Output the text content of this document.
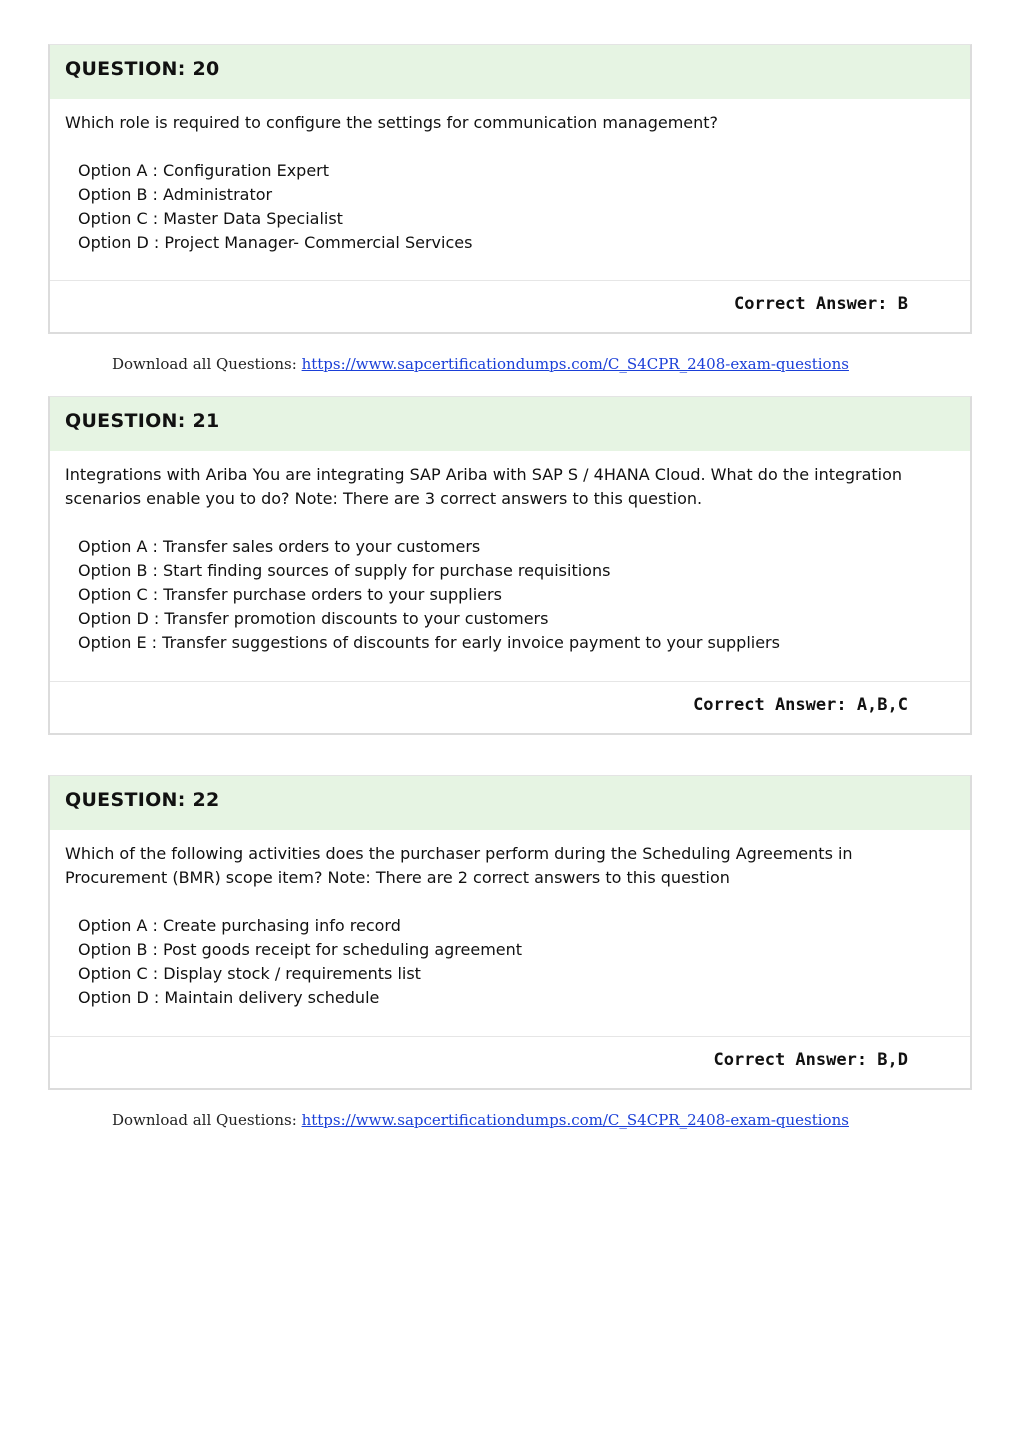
QUESTION: 20

Which role is required to configure the settings for communication management?

Option A : Configuration Expert
Option B : Administrator
Option C : Master Data Specialist
Option D : Project Manager- Commercial Services
Correct Answer: B
Download all Questions: https://www.sapcertificationdumps.com/C_S4CPR_2408-exam-questions
QUESTION: 21

Integrations with Ariba You are integrating SAP Ariba with SAP S / 4HANA Cloud. What do the integration scenarios enable you to do? Note: There are 3 correct answers to this question.

Option A : Transfer sales orders to your customers
Option B : Start finding sources of supply for purchase requisitions
Option C : Transfer purchase orders to your suppliers
Option D : Transfer promotion discounts to your customers
Option E : Transfer suggestions of discounts for early invoice payment to your suppliers
Correct Answer: A,B,C
QUESTION: 22

Which of the following activities does the purchaser perform during the Scheduling Agreements in Procurement (BMR) scope item? Note: There are 2 correct answers to this question

Option A : Create purchasing info record
Option B : Post goods receipt for scheduling agreement
Option C : Display stock / requirements list
Option D : Maintain delivery schedule
Correct Answer: B,D
Download all Questions: https://www.sapcertificationdumps.com/C_S4CPR_2408-exam-questions
